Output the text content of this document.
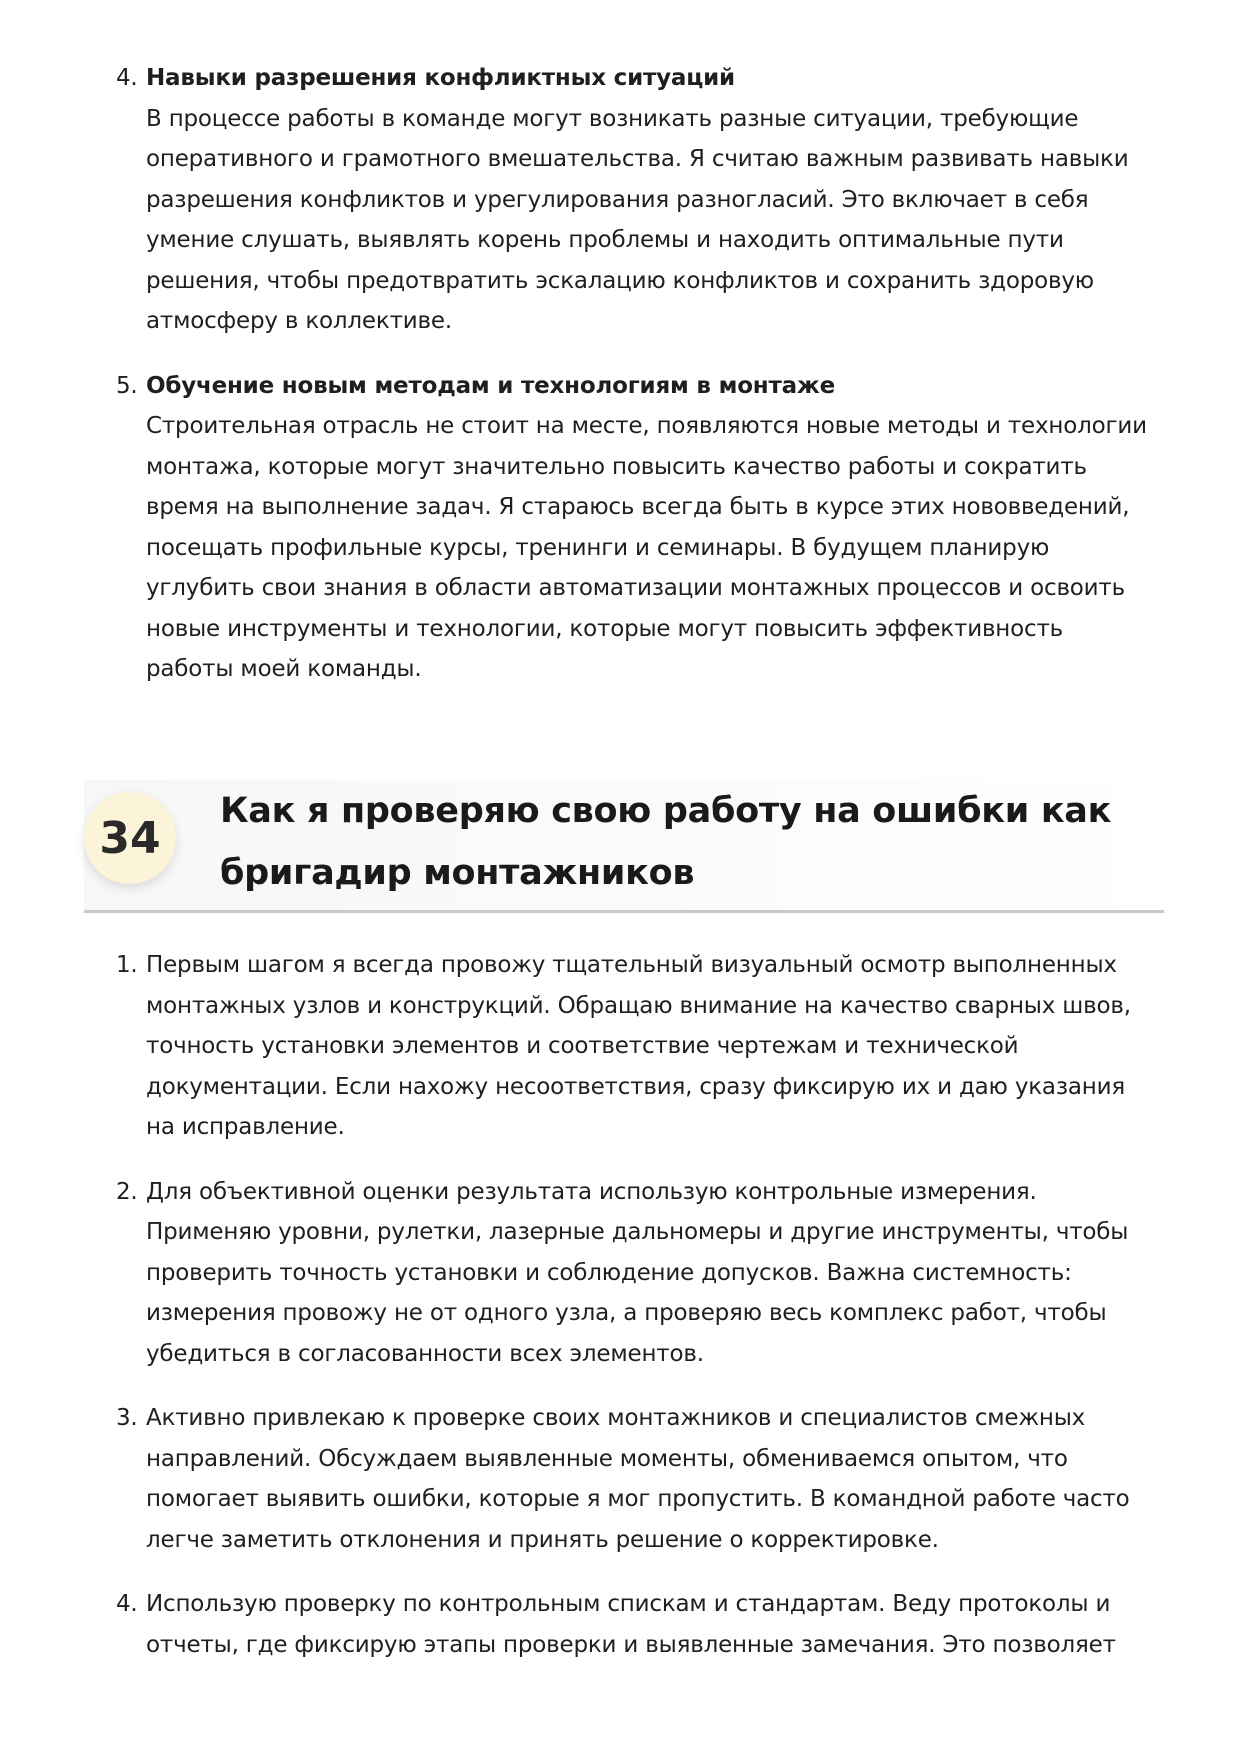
4. Навыки разрешения конфликтных ситуаций
В процессе работы в команде могут возникать разные ситуации, требующие оперативного и грамотного вмешательства. Я считаю важным развивать навыки разрешения конфликтов и урегулирования разногласий. Это включает в себя умение слушать, выявлять корень проблемы и находить оптимальные пути решения, чтобы предотвратить эскалацию конфликтов и сохранить здоровую атмосферу в коллективе.
5. Обучение новым методам и технологиям в монтаже
Строительная отрасль не стоит на месте, появляются новые методы и технологии монтажа, которые могут значительно повысить качество работы и сократить время на выполнение задач. Я стараюсь всегда быть в курсе этих нововведений, посещать профильные курсы, тренинги и семинары. В будущем планирую углубить свои знания в области автоматизации монтажных процессов и освоить новые инструменты и технологии, которые могут повысить эффективность работы моей команды.
34
Как я проверяю свою работу на ошибки как бригадир монтажников
1. Первым шагом я всегда провожу тщательный визуальный осмотр выполненных монтажных узлов и конструкций. Обращаю внимание на качество сварных швов, точность установки элементов и соответствие чертежам и технической документации. Если нахожу несоответствия, сразу фиксирую их и даю указания на исправление.
2. Для объективной оценки результата использую контрольные измерения. Применяю уровни, рулетки, лазерные дальномеры и другие инструменты, чтобы проверить точность установки и соблюдение допусков. Важна системность: измерения провожу не от одного узла, а проверяю весь комплекс работ, чтобы убедиться в согласованности всех элементов.
3. Активно привлекаю к проверке своих монтажников и специалистов смежных направлений. Обсуждаем выявленные моменты, обмениваемся опытом, что помогает выявить ошибки, которые я мог пропустить. В командной работе часто легче заметить отклонения и принять решение о корректировке.
4. Использую проверку по контрольным спискам и стандартам. Веду протоколы и отчеты, где фиксирую этапы проверки и выявленные замечания. Это позволяет
